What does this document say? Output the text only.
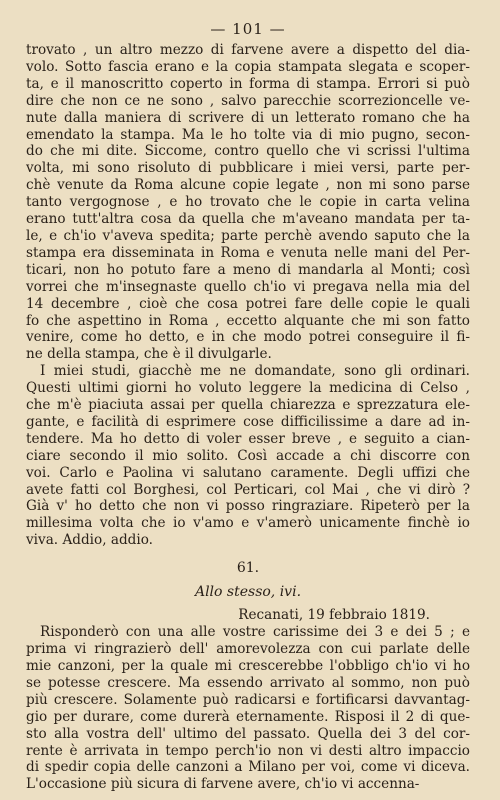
— 101 —
trovato , un altro mezzo di farvene avere a dispetto del dia-
volo. Sotto fascia erano e la copia stampata slegata e scoper-
ta, e il manoscritto coperto in forma di stampa. Errori si può
dire che non ce ne sono , salvo parecchie scorrezioncelle ve-
nute dalla maniera di scrivere di un letterato romano che ha
emendato la stampa. Ma le ho tolte via di mio pugno, secon-
do che mi dite. Siccome, contro quello che vi scrissi l'ultima
volta, mi sono risoluto di pubblicare i miei versi, parte per-
chè venute da Roma alcune copie legate , non mi sono parse
tanto vergognose , e ho trovato che le copie in carta velina
erano tutt'altra cosa da quella che m'aveano mandata per ta-
le, e ch'io v'aveva spedita; parte perchè avendo saputo che la
stampa era disseminata in Roma e venuta nelle mani del Per-
ticari, non ho potuto fare a meno di mandarla al Monti; così
vorrei che m'insegnaste quello ch'io vi pregava nella mia del
14 decembre , cioè che cosa potrei fare delle copie le quali
fo che aspettino in Roma , eccetto alquante che mi son fatto
venire, come ho detto, e in che modo potrei conseguire il fi-
ne della stampa, che è il divulgarle.
I miei studi, giacchè me ne domandate, sono gli ordinari.
Questi ultimi giorni ho voluto leggere la medicina di Celso ,
che m'è piaciuta assai per quella chiarezza e sprezzatura ele-
gante, e facilità di esprimere cose difficilissime a dare ad in-
tendere. Ma ho detto di voler esser breve , e seguito a cian-
ciare secondo il mio solito. Così accade a chi discorre con
voi. Carlo e Paolina vi salutano caramente. Degli uffizi che
avete fatti col Borghesi, col Perticari, col Mai , che vi dirò ?
Già v' ho detto che non vi posso ringraziare. Ripeterò per la
millesima volta che io v'amo e v'amerò unicamente finchè io
viva. Addio, addio.
61.
Allo stesso, ivi.
Recanati, 19 febbraio 1819.
Risponderò con una alle vostre carissime dei 3 e dei 5 ; e
prima vi ringrazierò dell' amorevolezza con cui parlate delle
mie canzoni, per la quale mi crescerebbe l'obbligo ch'io vi ho
se potesse crescere. Ma essendo arrivato al sommo, non può
più crescere. Solamente può radicarsi e fortificarsi davvantag-
gio per durare, come durerà eternamente. Risposi il 2 di que-
sto alla vostra dell' ultimo del passato. Quella dei 3 del cor-
rente è arrivata in tempo perch'io non vi desti altro impaccio
di spedir copia delle canzoni a Milano per voi, come vi diceva.
L'occasione più sicura di farvene avere, ch'io vi accenna-
